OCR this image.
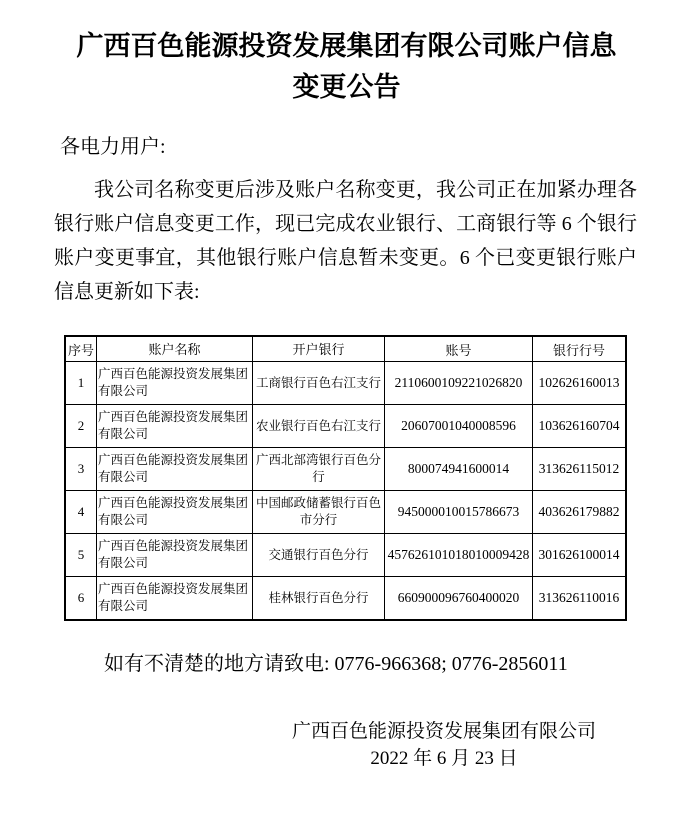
广西百色能源投资发展集团有限公司账户信息变更公告

各电力用户:

我公司名称变更后涉及账户名称变更，我公司正在加紧办理各银行账户信息变更工作，现已完成农业银行、工商银行等 6 个银行账户变更事宜，其他银行账户信息暂未变更。6 个已变更银行账户信息更新如下表:

序号	账户名称	开户银行	账号	银行行号
1	广西百色能源投资发展集团有限公司	工商银行百色右江支行	2110600109221026820	102626160013
2	广西百色能源投资发展集团有限公司	农业银行百色右江支行	20607001040008596	103626160704
3	广西百色能源投资发展集团有限公司	广西北部湾银行百色分行	800074941600014	313626115012
4	广西百色能源投资发展集团有限公司	中国邮政储蓄银行百色市分行	945000010015786673	403626179882
5	广西百色能源投资发展集团有限公司	交通银行百色分行	457626101018010009428	301626100014
6	广西百色能源投资发展集团有限公司	桂林银行百色分行	660900096760400020	313626110016

如有不清楚的地方请致电: 0776-966368; 0776-2856011

广西百色能源投资发展集团有限公司

2022 年 6 月 23 日
